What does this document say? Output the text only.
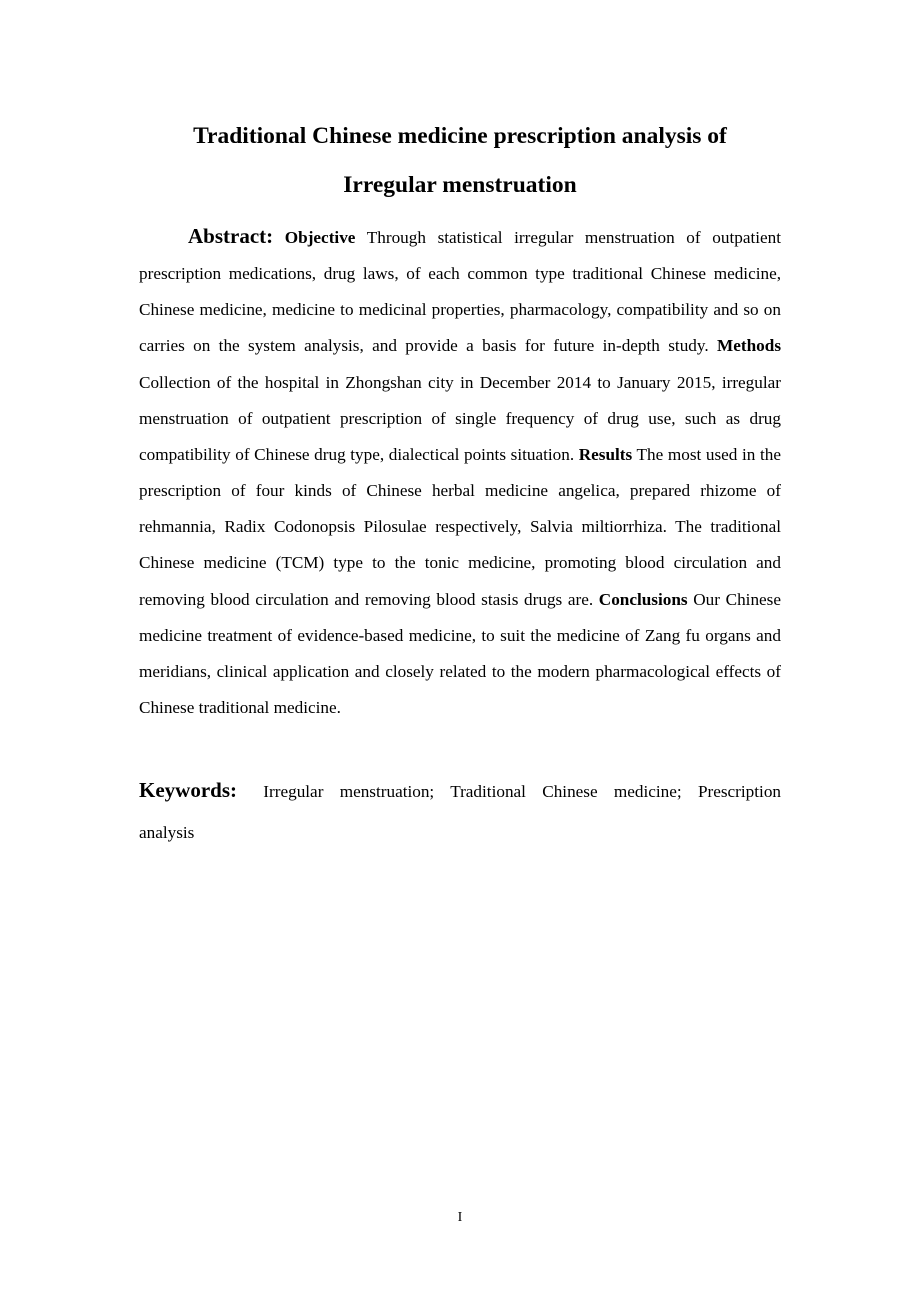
Traditional Chinese medicine prescription analysis of
Irregular menstruation

Abstract: Objective Through statistical irregular menstruation of outpatient prescription medications, drug laws, of each common type traditional Chinese medicine, Chinese medicine, medicine to medicinal properties, pharmacology, compatibility and so on carries on the system analysis, and provide a basis for future in-depth study. Methods Collection of the hospital in Zhongshan city in December 2014 to January 2015, irregular menstruation of outpatient prescription of single frequency of drug use, such as drug compatibility of Chinese drug type, dialectical points situation. Results The most used in the prescription of four kinds of Chinese herbal medicine angelica, prepared rhizome of rehmannia, Radix Codonopsis Pilosulae respectively, Salvia miltiorrhiza. The traditional Chinese medicine (TCM) type to the tonic medicine, promoting blood circulation and removing blood circulation and removing blood stasis drugs are. Conclusions Our Chinese medicine treatment of evidence-based medicine, to suit the medicine of Zang fu organs and meridians, clinical application and closely related to the modern pharmacological effects of Chinese traditional medicine.

Keywords: Irregular menstruation; Traditional Chinese medicine; Prescription analysis

I
